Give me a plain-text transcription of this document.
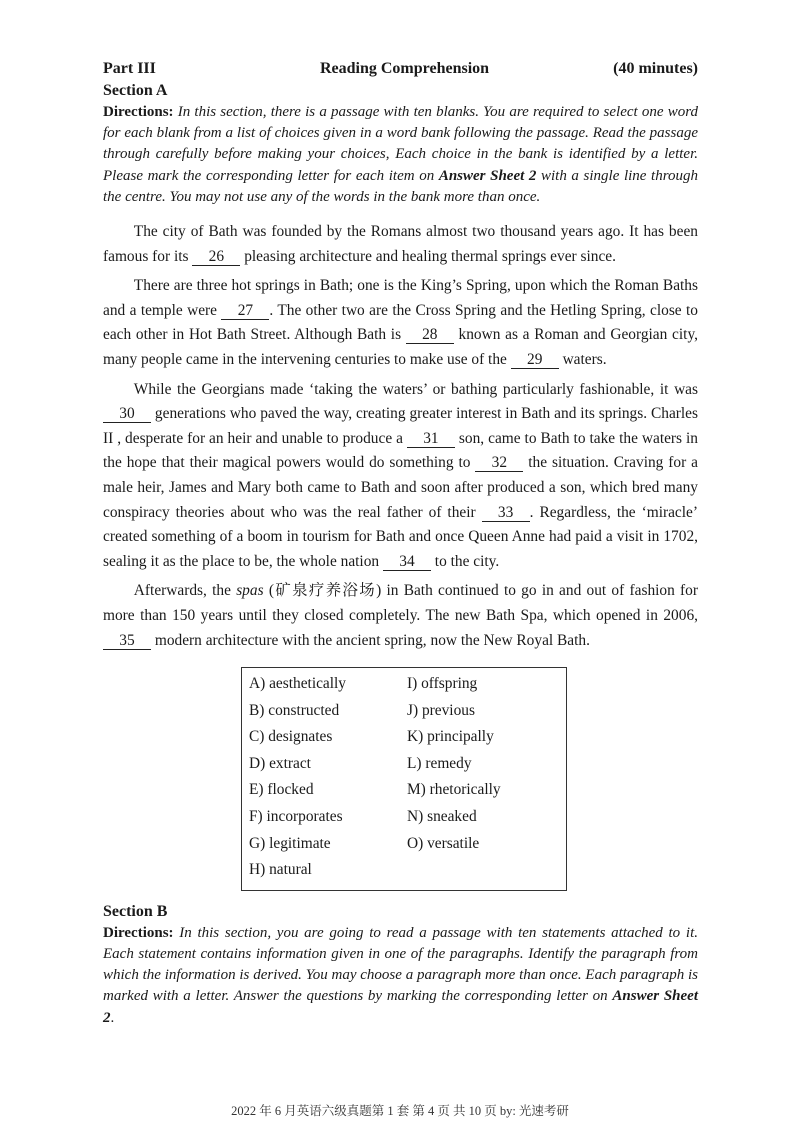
Part III	Reading Comprehension	(40 minutes)
Section A
Directions: In this section, there is a passage with ten blanks. You are required to select one word for each blank from a list of choices given in a word bank following the passage. Read the passage through carefully before making your choices, Each choice in the bank is identified by a letter. Please mark the corresponding letter for each item on Answer Sheet 2 with a single line through the centre. You may not use any of the words in the bank more than once.

The city of Bath was founded by the Romans almost two thousand years ago. It has been famous for its 26 pleasing architecture and healing thermal springs ever since.

There are three hot springs in Bath; one is the King’s Spring, upon which the Roman Baths and a temple were 27 . The other two are the Cross Spring and the Hetling Spring, close to each other in Hot Bath Street. Although Bath is 28 known as a Roman and Georgian city, many people came in the intervening centuries to make use of the 29 waters.

While the Georgians made ‘taking the waters’ or bathing particularly fashionable, it was 30 generations who paved the way, creating greater interest in Bath and its springs. Charles II , desperate for an heir and unable to produce a 31 son, came to Bath to take the waters in the hope that their magical powers would do something to 32 the situation. Craving for a male heir, James and Mary both came to Bath and soon after produced a son, which bred many conspiracy theories about who was the real father of their 33 . Regardless, the ‘miracle’ created something of a boom in tourism for Bath and once Queen Anne had paid a visit in 1702, sealing it as the place to be, the whole nation 34 to the city.

Afterwards, the spas (矿泉疗养浴场) in Bath continued to go in and out of fashion for more than 150 years until they closed completely. The new Bath Spa, which opened in 2006, 35 modern architecture with the ancient spring, now the New Royal Bath.

A) aesthetically	I) offspring
B) constructed	J) previous
C) designates	K) principally
D) extract	L) remedy
E) flocked	M) rhetorically
F) incorporates	N) sneaked
G) legitimate	O) versatile
H) natural
Section B
Directions: In this section, you are going to read a passage with ten statements attached to it. Each statement contains information given in one of the paragraphs. Identify the paragraph from which the information is derived. You may choose a paragraph more than once. Each paragraph is marked with a letter. Answer the questions by marking the corresponding letter on Answer Sheet 2.
2022 年 6 月英语六级真题第 1 套 第 4 页 共 10 页 by: 光速考研
